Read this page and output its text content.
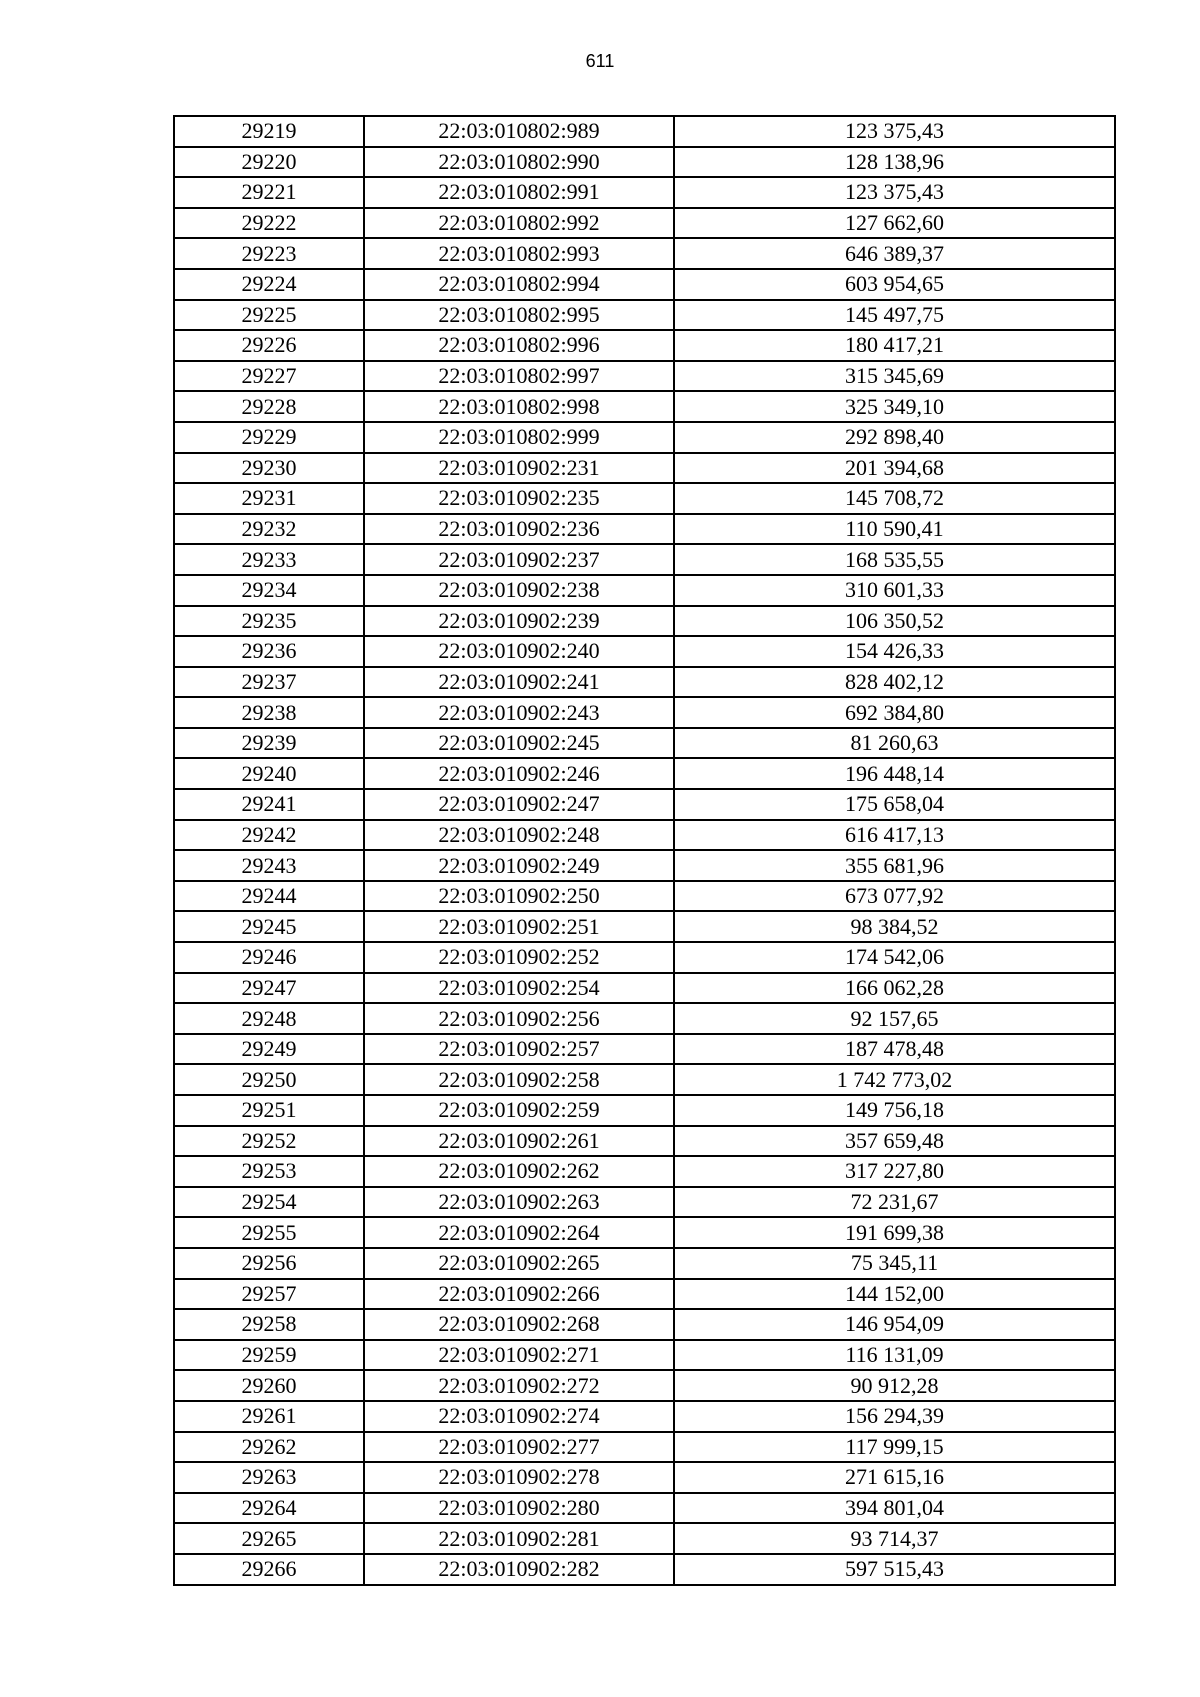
611
29219	22:03:010802:989	123 375,43
29220	22:03:010802:990	128 138,96
29221	22:03:010802:991	123 375,43
29222	22:03:010802:992	127 662,60
29223	22:03:010802:993	646 389,37
29224	22:03:010802:994	603 954,65
29225	22:03:010802:995	145 497,75
29226	22:03:010802:996	180 417,21
29227	22:03:010802:997	315 345,69
29228	22:03:010802:998	325 349,10
29229	22:03:010802:999	292 898,40
29230	22:03:010902:231	201 394,68
29231	22:03:010902:235	145 708,72
29232	22:03:010902:236	110 590,41
29233	22:03:010902:237	168 535,55
29234	22:03:010902:238	310 601,33
29235	22:03:010902:239	106 350,52
29236	22:03:010902:240	154 426,33
29237	22:03:010902:241	828 402,12
29238	22:03:010902:243	692 384,80
29239	22:03:010902:245	81 260,63
29240	22:03:010902:246	196 448,14
29241	22:03:010902:247	175 658,04
29242	22:03:010902:248	616 417,13
29243	22:03:010902:249	355 681,96
29244	22:03:010902:250	673 077,92
29245	22:03:010902:251	98 384,52
29246	22:03:010902:252	174 542,06
29247	22:03:010902:254	166 062,28
29248	22:03:010902:256	92 157,65
29249	22:03:010902:257	187 478,48
29250	22:03:010902:258	1 742 773,02
29251	22:03:010902:259	149 756,18
29252	22:03:010902:261	357 659,48
29253	22:03:010902:262	317 227,80
29254	22:03:010902:263	72 231,67
29255	22:03:010902:264	191 699,38
29256	22:03:010902:265	75 345,11
29257	22:03:010902:266	144 152,00
29258	22:03:010902:268	146 954,09
29259	22:03:010902:271	116 131,09
29260	22:03:010902:272	90 912,28
29261	22:03:010902:274	156 294,39
29262	22:03:010902:277	117 999,15
29263	22:03:010902:278	271 615,16
29264	22:03:010902:280	394 801,04
29265	22:03:010902:281	93 714,37
29266	22:03:010902:282	597 515,43
